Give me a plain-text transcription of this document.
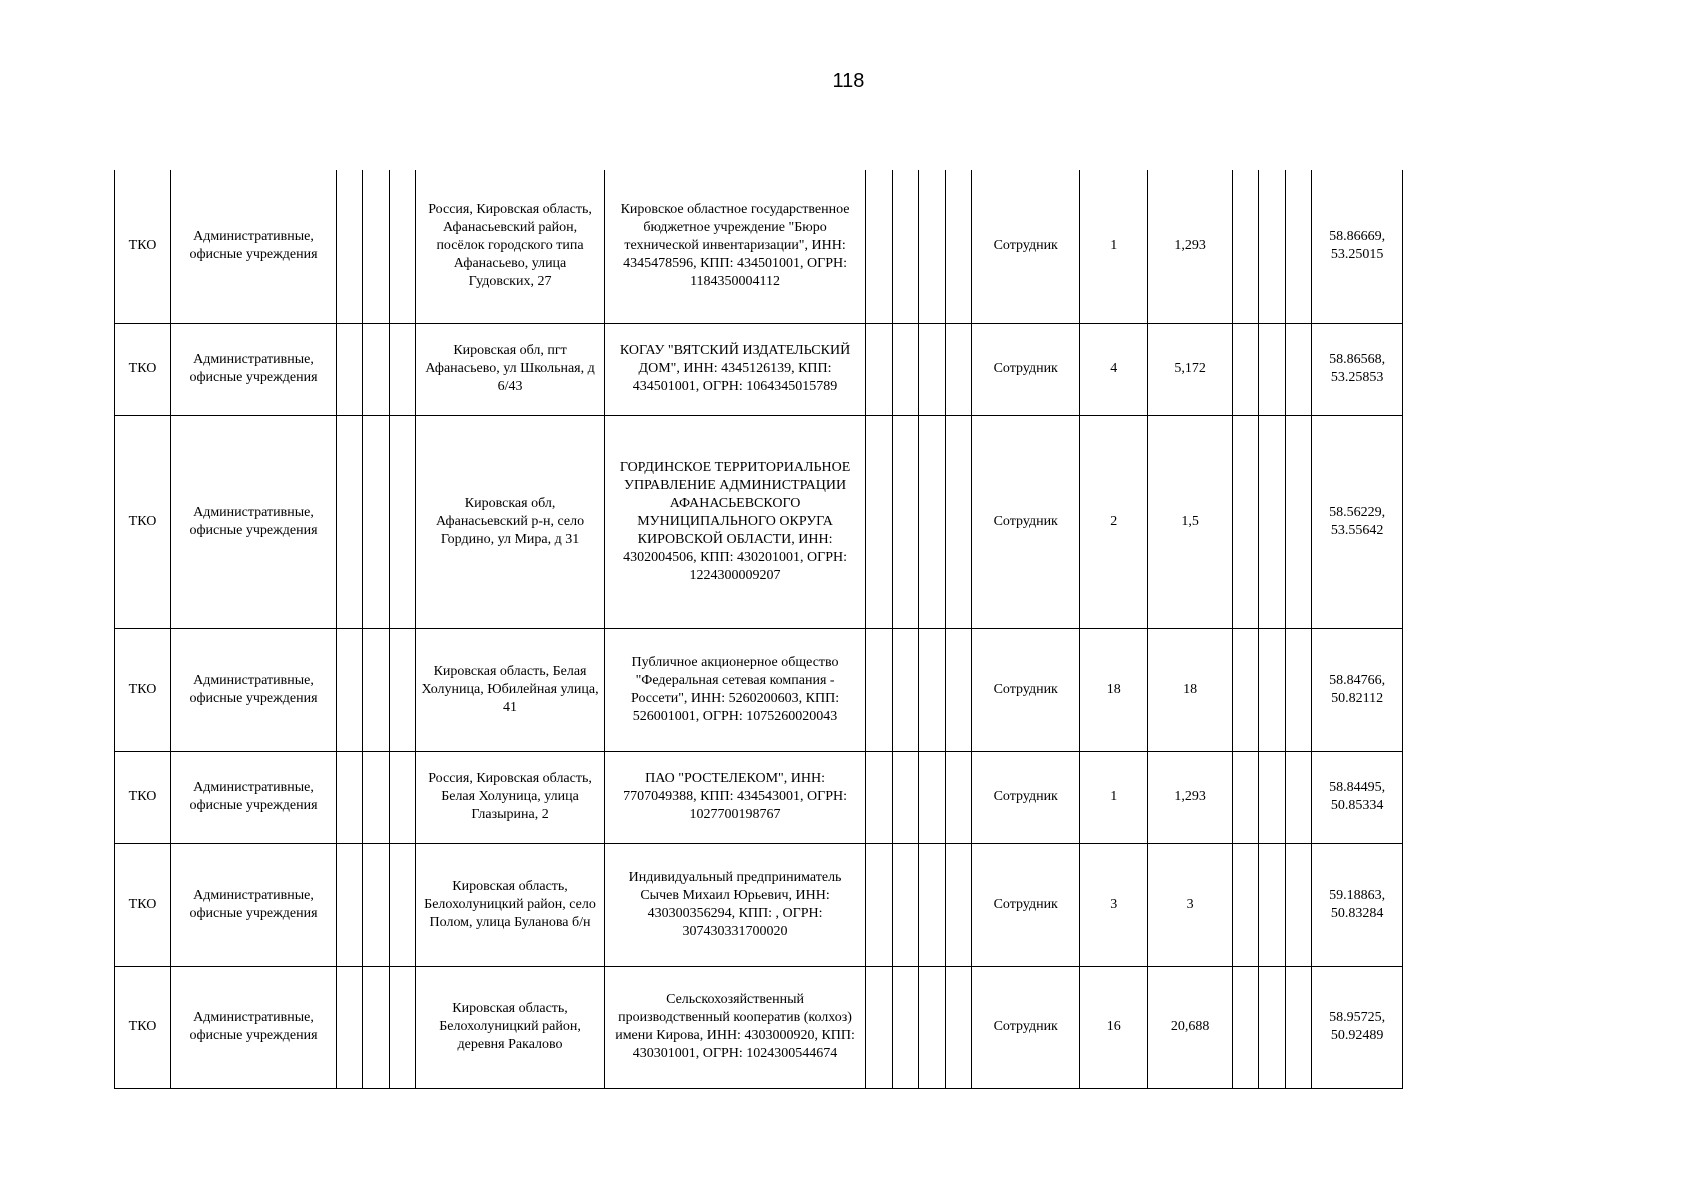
118
ТКО	Административные, офисные учреждения				Россия, Кировская область, Афанасьевский район, посёлок городского типа Афанасьево, улица Гудовских, 27	Кировское областное государственное бюджетное учреждение "Бюро технической инвентаризации", ИНН: 4345478596, КПП: 434501001, ОГРН: 1184350004112					Сотрудник	1	1,293				58.86669, 53.25015
ТКО	Административные, офисные учреждения				Кировская обл, пгт Афанасьево, ул Школьная, д 6/43	КОГАУ "ВЯТСКИЙ ИЗДАТЕЛЬСКИЙ ДОМ", ИНН: 4345126139, КПП: 434501001, ОГРН: 1064345015789					Сотрудник	4	5,172				58.86568, 53.25853
ТКО	Административные, офисные учреждения				Кировская обл, Афанасьевский р-н, село Гордино, ул Мира, д 31	ГОРДИНСКОЕ ТЕРРИТОРИАЛЬНОЕ УПРАВЛЕНИЕ АДМИНИСТРАЦИИ АФАНАСЬЕВСКОГО МУНИЦИПАЛЬНОГО ОКРУГА КИРОВСКОЙ ОБЛАСТИ, ИНН: 4302004506, КПП: 430201001, ОГРН: 1224300009207					Сотрудник	2	1,5				58.56229, 53.55642
ТКО	Административные, офисные учреждения				Кировская область, Белая Холуница, Юбилейная улица, 41	Публичное акционерное общество "Федеральная сетевая компания - Россети", ИНН: 5260200603, КПП: 526001001, ОГРН: 1075260020043					Сотрудник	18	18				58.84766, 50.82112
ТКО	Административные, офисные учреждения				Россия, Кировская область, Белая Холуница, улица Глазырина, 2	ПАО "РОСТЕЛЕКОМ", ИНН: 7707049388, КПП: 434543001, ОГРН: 1027700198767					Сотрудник	1	1,293				58.84495, 50.85334
ТКО	Административные, офисные учреждения				Кировская область, Белохолуницкий район, село Полом, улица Буланова б/н	Индивидуальный предприниматель Сычев Михаил Юрьевич, ИНН: 430300356294, КПП: , ОГРН: 307430331700020					Сотрудник	3	3				59.18863, 50.83284
ТКО	Административные, офисные учреждения				Кировская область, Белохолуницкий район, деревня Ракалово	Сельскохозяйственный производственный кооператив (колхоз) имени Кирова, ИНН: 4303000920, КПП: 430301001, ОГРН: 1024300544674					Сотрудник	16	20,688				58.95725, 50.92489
